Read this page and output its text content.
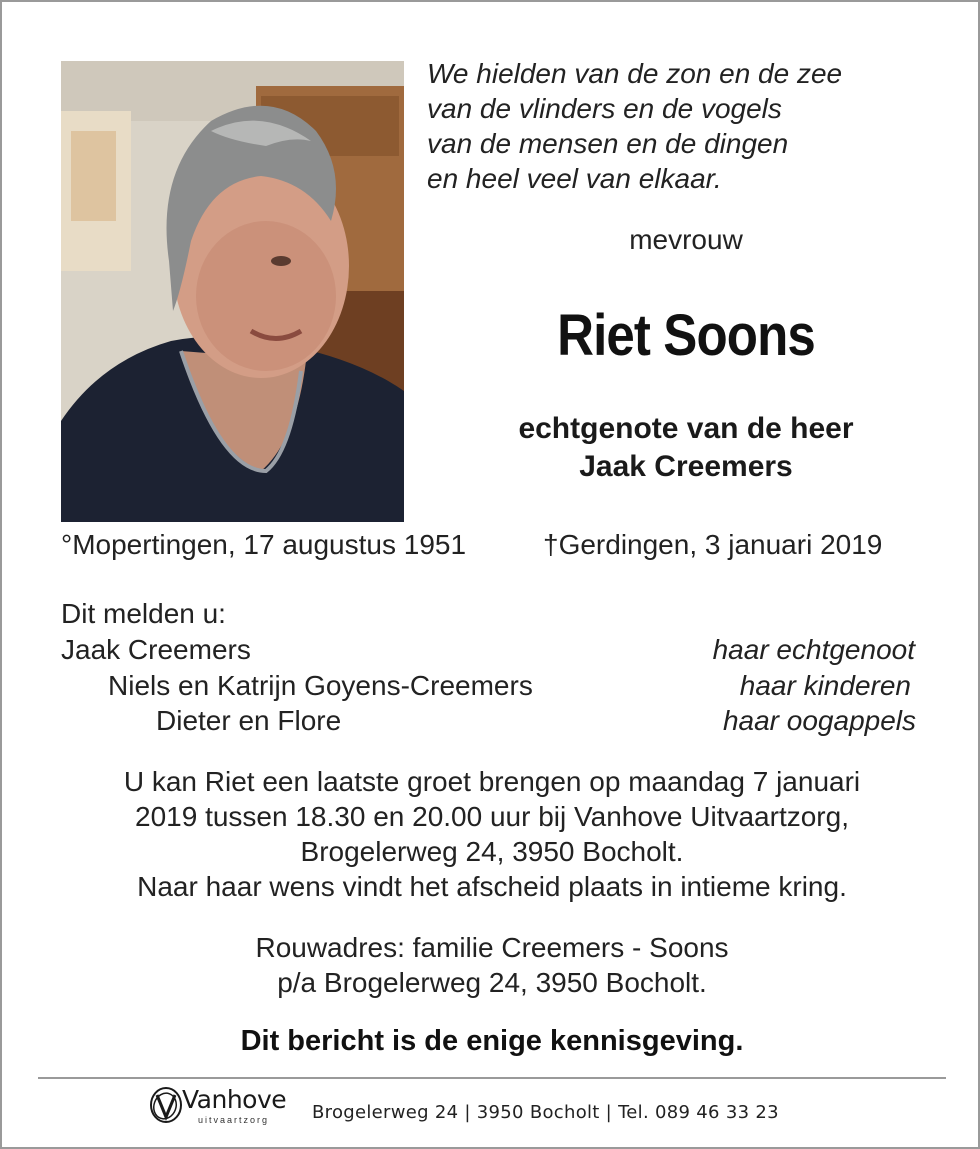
We hielden van de zon en de zee
van de vlinders en de vogels
van de mensen en de dingen
en heel veel van elkaar.
mevrouw
Riet Soons
echtgenote van de heer
Jaak Creemers
°Mopertingen, 17 augustus 1951	†Gerdingen, 3 januari 2019
Dit melden u:
Jaak Creemers	haar echtgenoot
Niels en Katrijn Goyens-Creemers	haar kinderen
Dieter en Flore	haar oogappels
U kan Riet een laatste groet brengen op maandag 7 januari
2019 tussen 18.30 en 20.00 uur bij Vanhove Uitvaartzorg,
Brogelerweg 24, 3950 Bocholt.
Naar haar wens vindt het afscheid plaats in intieme kring.
Rouwadres: familie Creemers - Soons
p/a Brogelerweg 24, 3950 Bocholt.
Dit bericht is de enige kennisgeving.
Vanhove
uitvaartzorg Brogelerweg 24 | 3950 Bocholt | Tel. 089 46 33 23
